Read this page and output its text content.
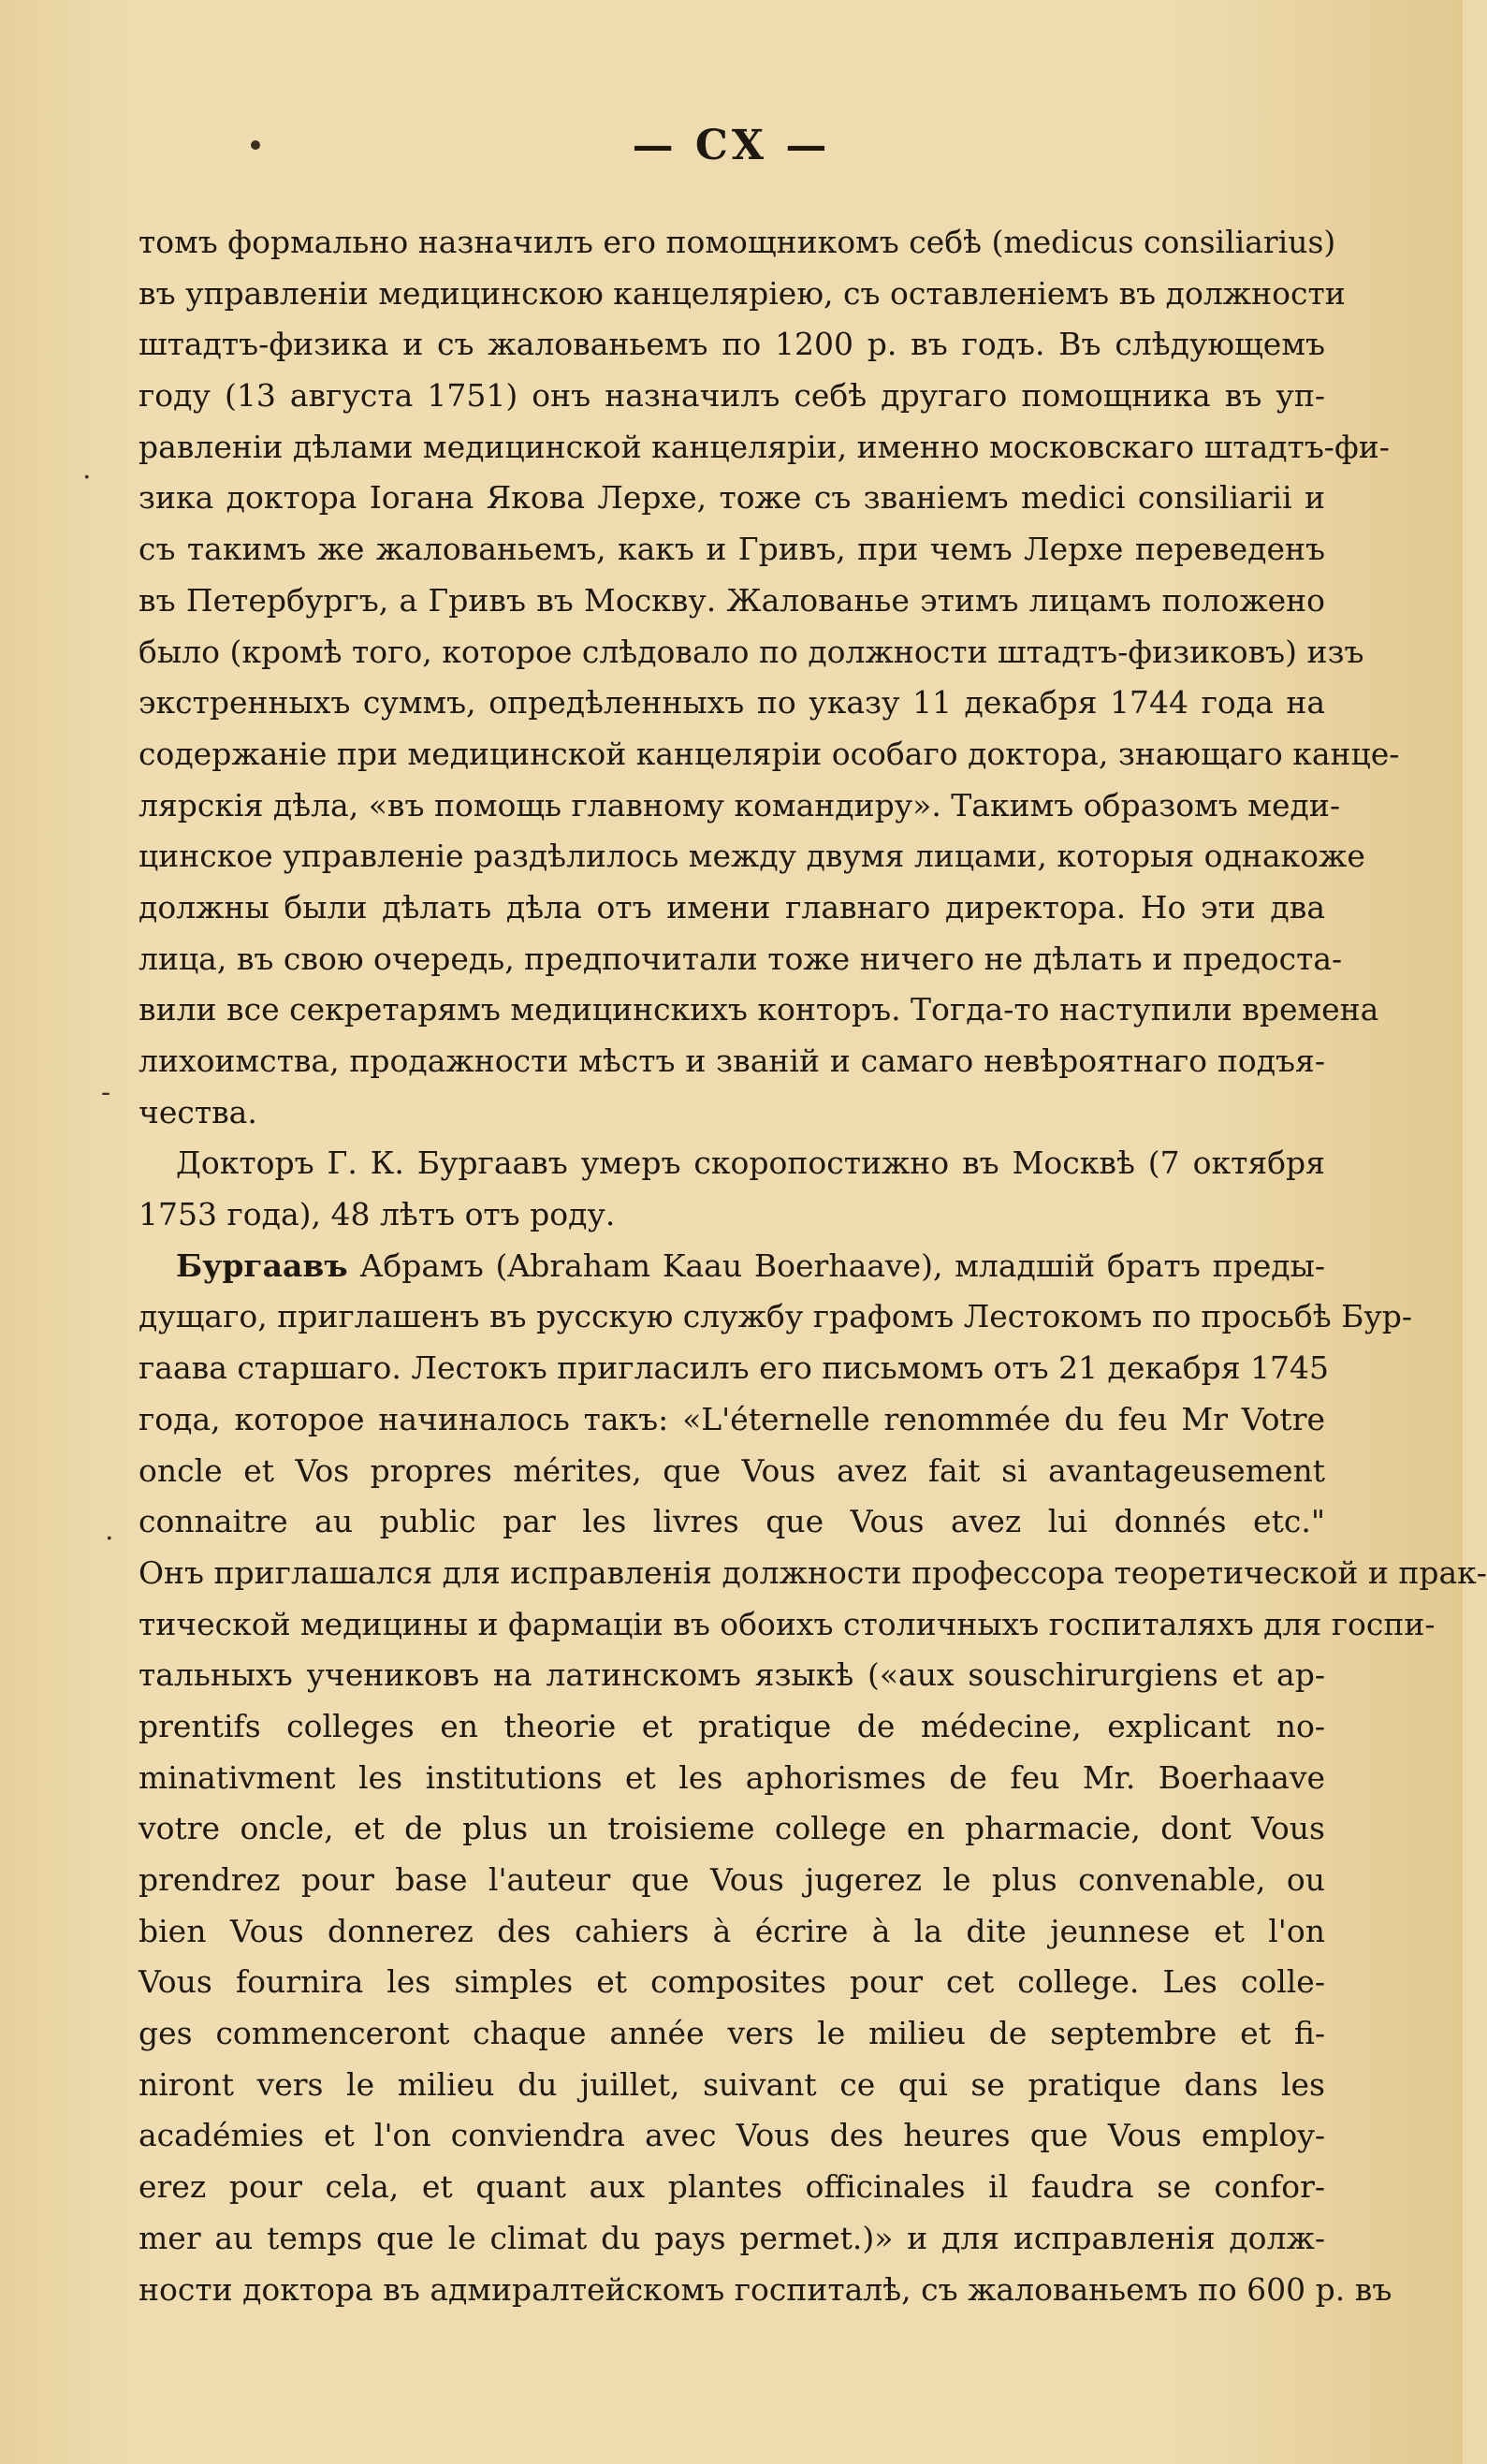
— CX —
.
-
.
томъ формально назначилъ его помощникомъ себѣ (medicus consiliarius)
въ управленіи медицинскою канцеляріею, съ оставленіемъ въ должности
штадтъ-физика и съ жалованьемъ по 1200 р. въ годъ. Въ слѣдующемъ
году (13 августа 1751) онъ назначилъ себѣ другаго помощника въ уп-
равленіи дѣлами медицинской канцеляріи, именно московскаго штадтъ-фи-
зика доктора Іогана Якова Лерхе, тоже съ званіемъ medici consiliarii и
съ такимъ же жалованьемъ, какъ и Гривъ, при чемъ Лерхе переведенъ
въ Петербургъ, а Гривъ въ Москву. Жалованье этимъ лицамъ положено
было (кромѣ того, которое слѣдовало по должности штадтъ-физиковъ) изъ
экстренныхъ суммъ, опредѣленныхъ по указу 11 декабря 1744 года на
содержаніе при медицинской канцеляріи особаго доктора, знающаго канце-
лярскія дѣла, «въ помощь главному командиру». Такимъ образомъ меди-
цинское управленіе раздѣлилось между двумя лицами, которыя однакоже
должны были дѣлать дѣла отъ имени главнаго директора. Но эти два
лица, въ свою очередь, предпочитали тоже ничего не дѣлать и предоста-
вили все секретарямъ медицинскихъ конторъ. Тогда-то наступили времена
лихоимства, продажности мѣстъ и званій и самаго невѣроятнаго подъя-
чества.
Докторъ Г. К. Бургаавъ умеръ скоропостижно въ Москвѣ (7 октября
1753 года), 48 лѣтъ отъ роду.
Бургаавъ Абрамъ (Abraham Kaau Boerhaave), младшій братъ преды-
дущаго, приглашенъ въ русскую службу графомъ Лестокомъ по просьбѣ Бур-
гаава старшаго. Лестокъ пригласилъ его письмомъ отъ 21 декабря 1745
года, которое начиналось такъ: «L'éternelle renommée du feu Mr Votre
oncle et Vos propres mérites, que Vous avez fait si avantageusement
connaitre au public par les livres que Vous avez lui donnés etc."
Онъ приглашался для исправленія должности профессора теоретической и прак-
тической медицины и фармаціи въ обоихъ столичныхъ госпиталяхъ для госпи-
тальныхъ учениковъ на латинскомъ языкѣ («aux souschirurgiens et ap-
prentifs colleges en theorie et pratique de médecine, explicant no-
minativment les institutions et les aphorismes de feu Mr. Boerhaave
votre oncle, et de plus un troisieme college en pharmacie, dont Vous
prendrez pour base l'auteur que Vous jugerez le plus convenable, ou
bien Vous donnerez des cahiers à écrire à la dite jeunnese et l'on
Vous fournira les simples et composites pour cet college. Les colle-
ges commenceront chaque année vers le milieu de septembre et fi-
niront vers le milieu du juillet, suivant ce qui se pratique dans les
académies et l'on conviendra avec Vous des heures que Vous employ-
erez pour cela, et quant aux plantes officinales il faudra se confor-
mer au temps que le climat du pays permet.)» и для исправленія долж-
ности доктора въ адмиралтейскомъ госпиталѣ, съ жалованьемъ по 600 р. въ
